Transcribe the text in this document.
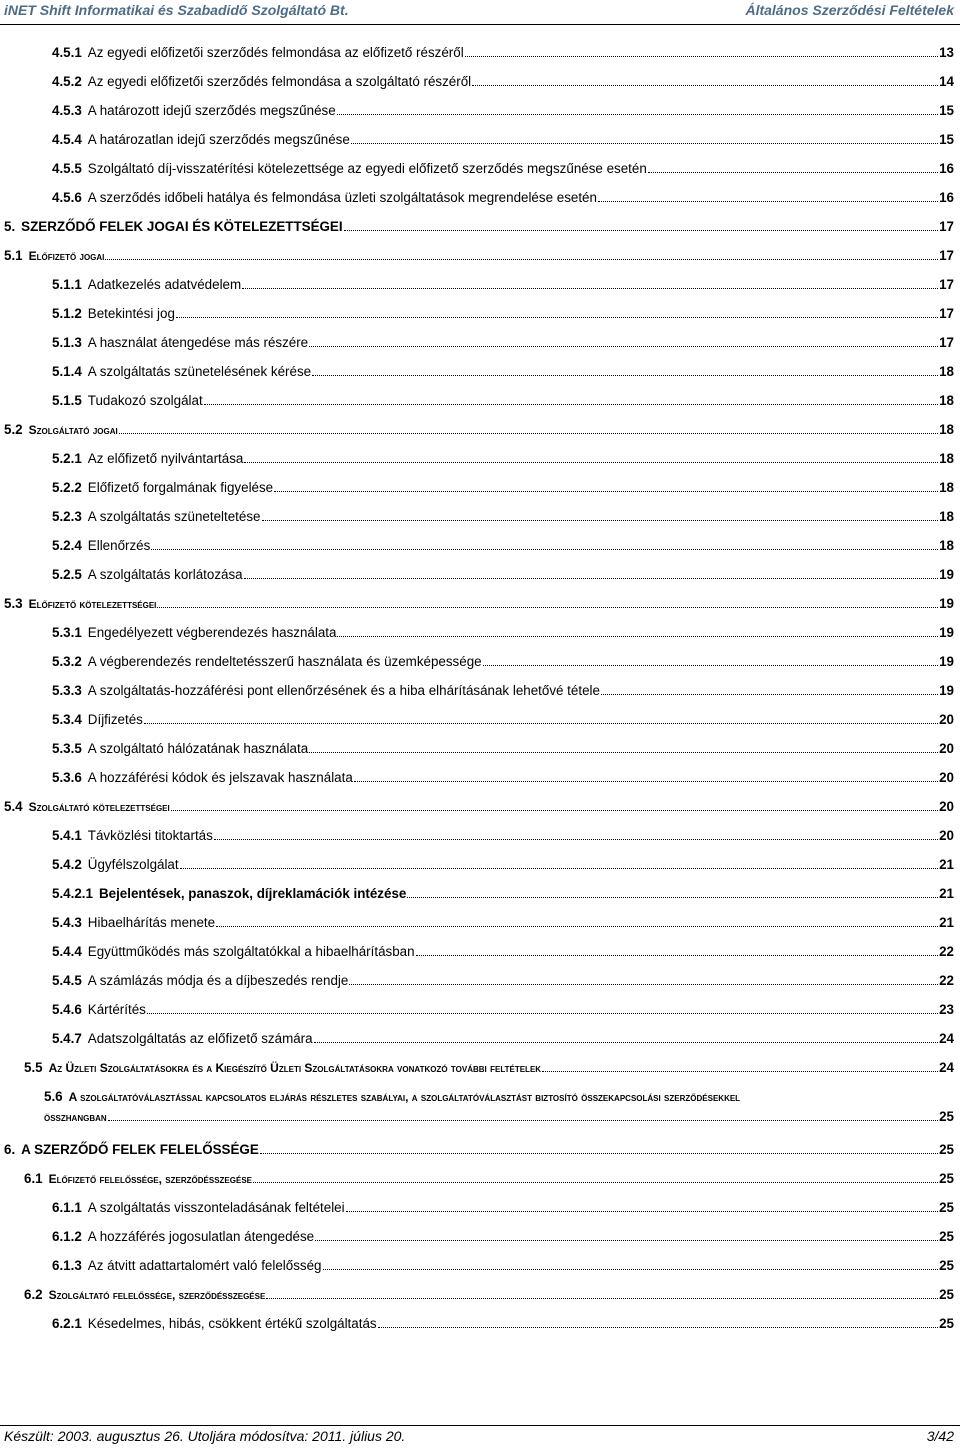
iNET Shift Informatikai és Szabadidő Szolgáltató Bt.	Általános Szerződési Feltételek
4.5.1 Az egyedi előfizetői szerződés felmondása az előfizető részéről	13
4.5.2 Az egyedi előfizetői szerződés felmondása a szolgáltató részéről	14
4.5.3 A határozott idejű szerződés megszűnése	15
4.5.4 A határozatlan idejű szerződés megszűnése	15
4.5.5 Szolgáltató díj-visszatérítési kötelezettsége az egyedi előfizető szerződés megszűnése esetén	16
4.5.6 A szerződés időbeli hatálya és felmondása üzleti szolgáltatások megrendelése esetén	16
5. SZERZŐDŐ FELEK JOGAI ÉS KÖTELEZETTSÉGEI	17
5.1 Előfizető jogai	17
5.1.1 Adatkezelés adatvédelem	17
5.1.2 Betekintési jog	17
5.1.3 A használat átengedése más részére	17
5.1.4 A szolgáltatás szünetelésének kérése	18
5.1.5 Tudakozó szolgálat	18
5.2 Szolgáltató jogai	18
5.2.1 Az előfizető nyilvántartása	18
5.2.2 Előfizető forgalmának figyelése	18
5.2.3 A szolgáltatás szüneteltetése	18
5.2.4 Ellenőrzés	18
5.2.5 A szolgáltatás korlátozása	19
5.3 Előfizető kötelezettségei	19
5.3.1 Engedélyezett végberendezés használata	19
5.3.2 A végberendezés rendeltetésszerű használata és üzemképessége	19
5.3.3 A szolgáltatás-hozzáférési pont ellenőrzésének és a hiba elhárításának lehetővé tétele	19
5.3.4 Díjfizetés	20
5.3.5 A szolgáltató hálózatának használata	20
5.3.6 A hozzáférési kódok és jelszavak használata	20
5.4 Szolgáltató kötelezettségei	20
5.4.1 Távközlési titoktartás	20
5.4.2 Ügyfélszolgálat	21
5.4.2.1 Bejelentések, panaszok, díjreklamációk intézése	21
5.4.3 Hibaelhárítás menete	21
5.4.4 Együttműködés más szolgáltatókkal a hibaelhárításban	22
5.4.5 A számlázás módja és a díjbeszedés rendje	22
5.4.6 Kártérítés	23
5.4.7 Adatszolgáltatás az előfizető számára	24
5.5 Az Üzleti Szolgáltatásokra és a Kiegészítő Üzleti Szolgáltatásokra vonatkozó további feltételek	24
5.6 A szolgáltatóválasztással kapcsolatos eljárás részletes szabályai, a szolgáltatóválasztást biztosító összekapcsolási szerződésekkel
összhangban	25
6. A SZERZŐDŐ FELEK FELELŐSSÉGE	25
6.1 Előfizető felelőssége, szerződésszegése	25
6.1.1 A szolgáltatás visszonteladásának feltételei	25
6.1.2 A hozzáférés jogosulatlan átengedése	25
6.1.3 Az átvitt adattartalomért való felelősség	25
6.2 Szolgáltató felelőssége, szerződésszegése	25
6.2.1 Késedelmes, hibás, csökkent értékű szolgáltatás	25
Készült: 2003. augusztus 26. Utoljára módosítva: 2011. július 20.	3/42
